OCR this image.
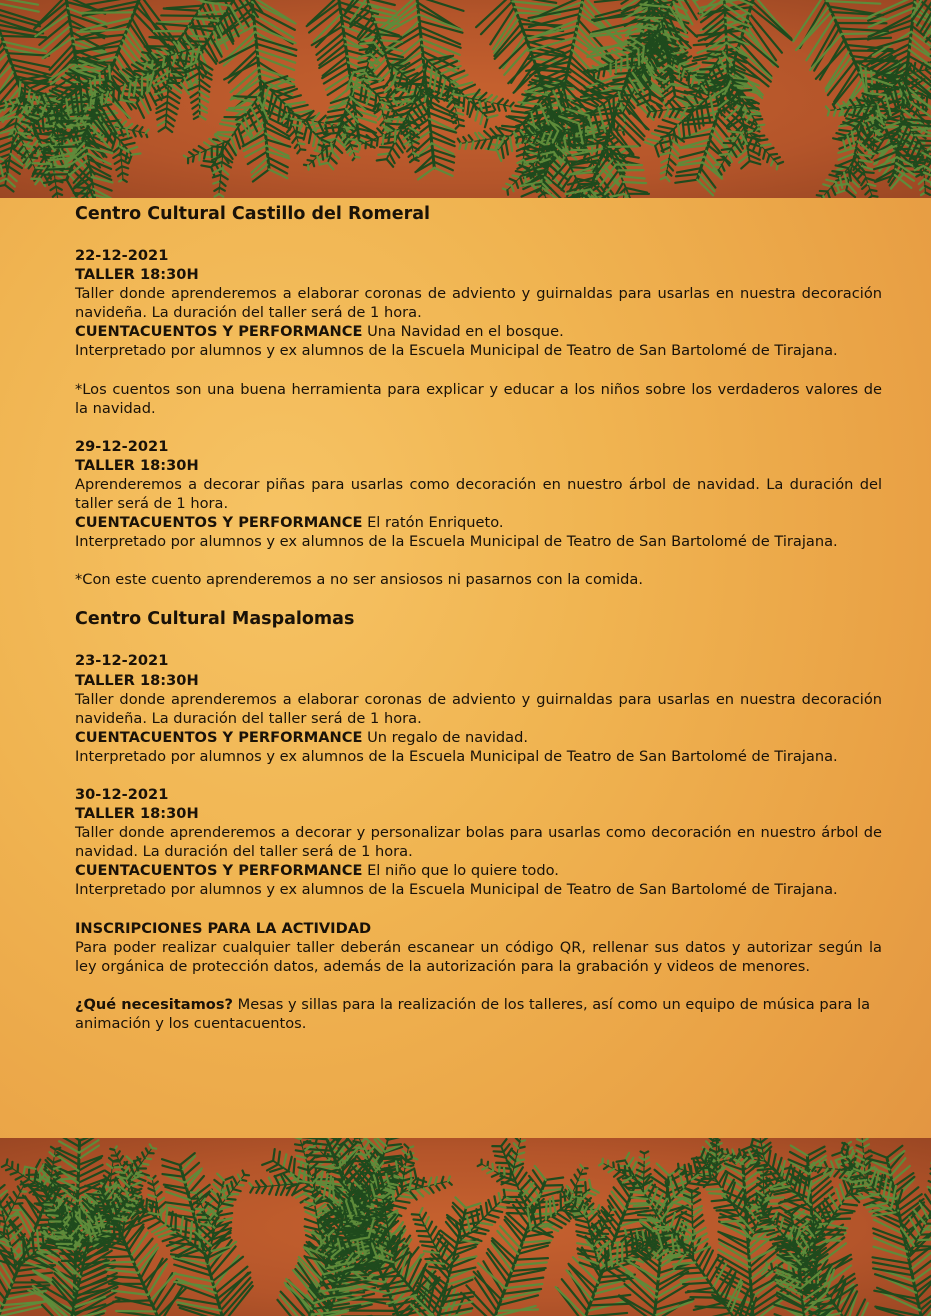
Centro Cultural Castillo del Romeral
22-12-2021
TALLER 18:30H
Taller donde aprenderemos a elaborar coronas de adviento y guirnaldas para usarlas en nuestra decoración navideña. La duración del taller será de 1 hora.
CUENTACUENTOS Y PERFORMANCE Una Navidad en el bosque.
Interpretado por alumnos y ex alumnos de la Escuela Municipal de Teatro de San Bartolomé de Tirajana.
*Los cuentos son una buena herramienta para explicar y educar a los niños sobre los verdaderos valores de la navidad.
29-12-2021
TALLER 18:30H
Aprenderemos a decorar piñas para usarlas como decoración en nuestro árbol de navidad. La duración del taller será de 1 hora.
CUENTACUENTOS Y PERFORMANCE El ratón Enriqueto.
Interpretado por alumnos y ex alumnos de la Escuela Municipal de Teatro de San Bartolomé de Tirajana.
*Con este cuento aprenderemos a no ser ansiosos ni pasarnos con la comida.
Centro Cultural Maspalomas
23-12-2021
TALLER 18:30H
Taller donde aprenderemos a elaborar coronas de adviento y guirnaldas para usarlas en nuestra decoración navideña. La duración del taller será de 1 hora.
CUENTACUENTOS Y PERFORMANCE Un regalo de navidad.
Interpretado por alumnos y ex alumnos de la Escuela Municipal de Teatro de San Bartolomé de Tirajana.
30-12-2021
TALLER 18:30H
Taller donde aprenderemos a decorar y personalizar bolas para usarlas como decoración en nuestro árbol de navidad. La duración del taller será de 1 hora.
CUENTACUENTOS Y PERFORMANCE El niño que lo quiere todo.
Interpretado por alumnos y ex alumnos de la Escuela Municipal de Teatro de San Bartolomé de Tirajana.
INSCRIPCIONES PARA LA ACTIVIDAD
Para poder realizar cualquier taller deberán escanear un código QR, rellenar sus datos y autorizar según la ley orgánica de protección datos, además de la autorización para la grabación y videos de menores.
¿Qué necesitamos? Mesas y sillas para la realización de los talleres, así como un equipo de música para la animación y los cuentacuentos.
